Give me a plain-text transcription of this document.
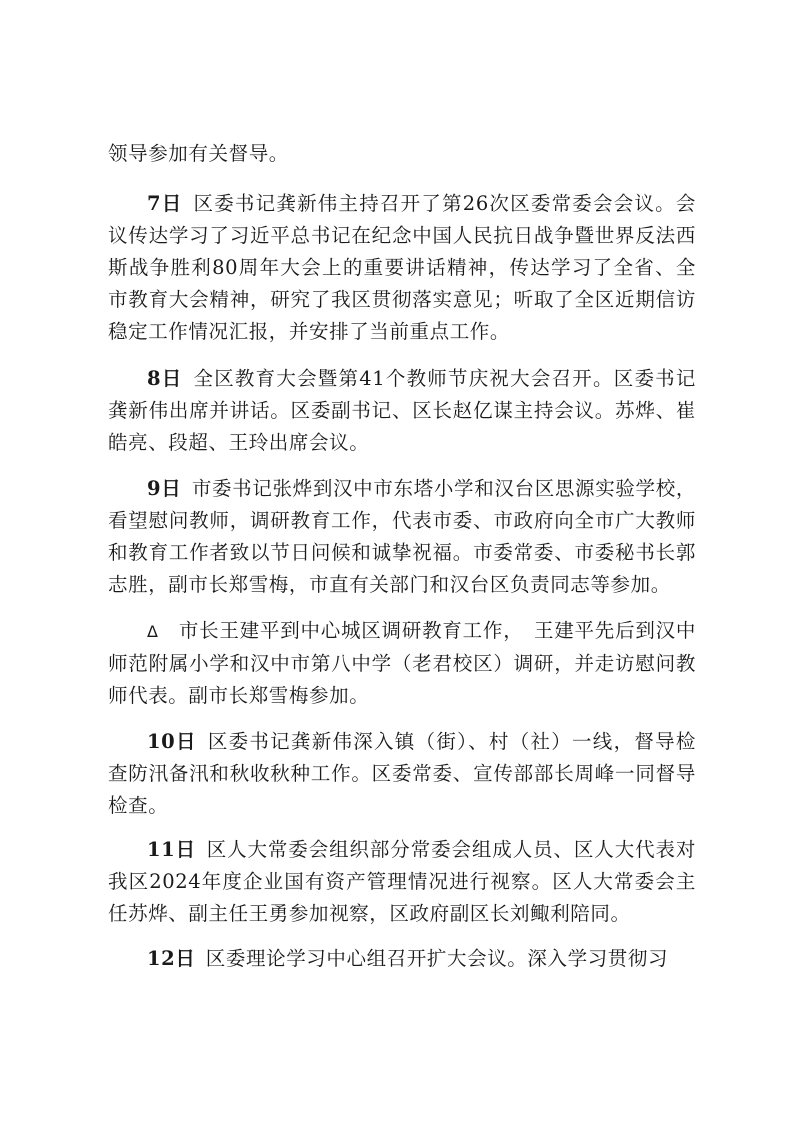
领导参加有关督导。

7日  区委书记龚新伟主持召开了第26次区委常委会会议。会议传达学习了习近平总书记在纪念中国人民抗日战争暨世界反法西斯战争胜利80周年大会上的重要讲话精神，传达学习了全省、全市教育大会精神，研究了我区贯彻落实意见；听取了全区近期信访稳定工作情况汇报，并安排了当前重点工作。

8日  全区教育大会暨第41个教师节庆祝大会召开。区委书记龚新伟出席并讲话。区委副书记、区长赵亿谋主持会议。苏烨、崔皓亮、段超、王玲出席会议。

9日  市委书记张烨到汉中市东塔小学和汉台区思源实验学校，看望慰问教师，调研教育工作，代表市委、市政府向全市广大教师和教育工作者致以节日问候和诚挚祝福。市委常委、市委秘书长郭志胜，副市长郑雪梅，市直有关部门和汉台区负责同志等参加。

Δ  市长王建平到中心城区调研教育工作，　王建平先后到汉中师范附属小学和汉中市第八中学（老君校区）调研，并走访慰问教师代表。副市长郑雪梅参加。

10日  区委书记龚新伟深入镇（街）、村（社）一线，督导检查防汛备汛和秋收秋种工作。区委常委、宣传部部长周峰一同督导检查。

11日  区人大常委会组织部分常委会组成人员、区人大代表对我区2024年度企业国有资产管理情况进行视察。区人大常委会主任苏烨、副主任王勇参加视察，区政府副区长刘鲰利陪同。

12日  区委理论学习中心组召开扩大会议。深入学习贯彻习
